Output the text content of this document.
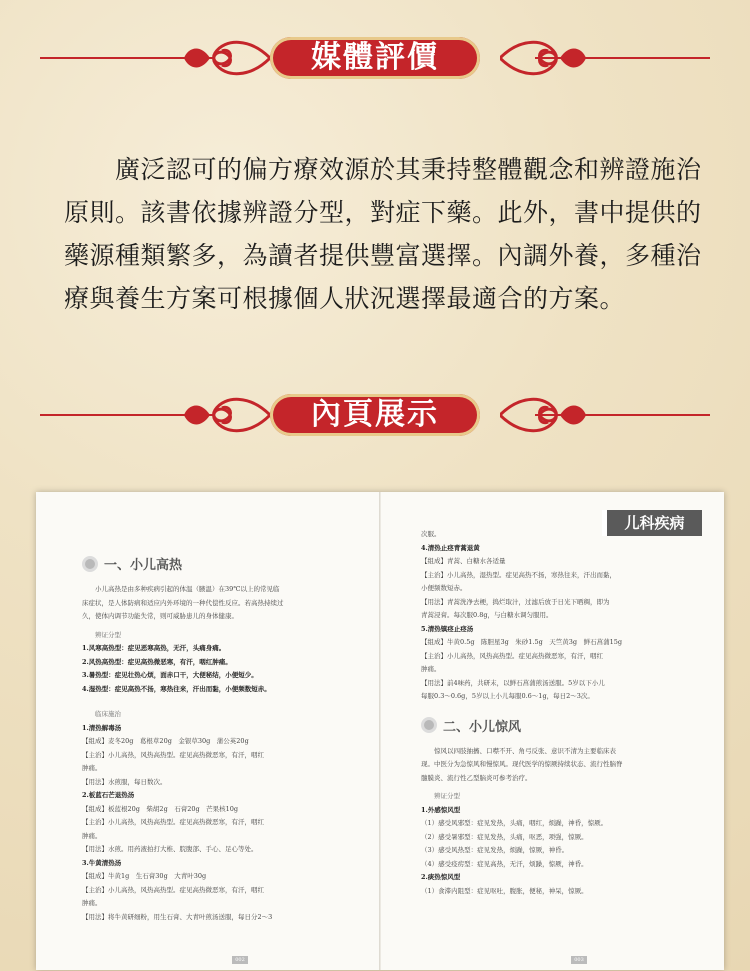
媒體評價
　　廣泛認可的偏方療效源於其秉持整體觀念和辨證施治原則。該書依據辨證分型，對症下藥。此外，書中提供的藥源種類繁多，為讀者提供豐富選擇。內調外養，多種治療與養生方案可根據個人狀況選擇最適合的方案。
內頁展示
儿科疾病
一、小儿高热
小儿高热是由多种疾病引起的体温（腋温）在39℃以上的常见临
床症状，是人体防病和适应内外环境的一种代偿性反应。若高热持续过
久，使体内调节功能失常，则可威胁患儿的身体健康。
辨证分型
1.风寒高热型：症见恶寒高热，无汗，头痛身痛。
2.风热高热型：症见高热微恶寒，有汗，咽红肿痛。
3.暑热型：症见壮热心烦，面赤口干，大便秘结，小便短少。
4.湿热型：症见高热不扬，寒热往来，汗出而黏，小便频数短赤。
临床施治
1.清热解毒汤
【组成】麦冬20g　葛根草20g　金银草30g　蒲公英20g
【主治】小儿高热，风热高热型。症见高热微恶寒，有汗，咽红
肿痛。
【用法】水煎服，每日数次。
2.板蓝石芒退热汤
【组成】板蓝根20g　柴胡2g　石膏20g　芒果核10g
【主治】小儿高热，风热高热型。症见高热微恶寒，有汗，咽红
肿痛。
【用法】水煎。用药液拍打大椎、脘腹部、手心、足心等处。
3.牛黄清热汤
【组成】牛黄1g　生石膏30g　大青叶30g
【主治】小儿高热，风热高热型。症见高热微恶寒，有汗，咽红
肿痛。
【用法】将牛黄研细粉，用生石膏、大青叶煎汤送服，每日分2～3
002
次服。
4.清热止痉青蒿退黄
【组成】青蒿、白糖水各适量
【主治】小儿高热，湿热型。症见高热不扬，寒热往来，汗出而黏，
小便频数短赤。
【用法】青蒿洗净去梗，捣烂取汁，过滤后放于日光下晒稠，即为
青蒿浸膏。每次服0.8g，与白糖水调匀服用。
5.清热镇痉止痉汤
【组成】牛黄0.5g　陈胆星3g　朱砂1.5g　天竺黄3g　鲜石菖蒲15g
【主治】小儿高热，风热高热型。症见高热微恶寒，有汗，咽红
肿痛。
【用法】前4味药，共研末，以鲜石菖蒲煎汤送服。5岁以下小儿
每服0.3～0.6g，5岁以上小儿每服0.6～1g，每日2～3次。
二、小儿惊风
惊风以四肢抽搐、口噤不开、角弓反张、意识不清为主要临床表
现。中医分为急惊风和慢惊风。现代医学的惊厥持续状态、流行性脑脊
髓膜炎、流行性乙型脑炎可参考治疗。
辨证分型
1.外感惊风型
（1）感受风邪型：症见发热，头痛，咽红，烦躁，神昏，惊厥。
（2）感受暑邪型：症见发热，头痛，呕恶，项强，惊厥。
（3）感受风热型：症见发热，烦躁，惊厥，神昏。
（4）感受疫疠型：症见高热，无汗，烦躁，惊厥，神昏。
2.痰热惊风型
（1）食滞内阻型：症见呕吐，腹胀，便秘，神呆，惊厥。
003
